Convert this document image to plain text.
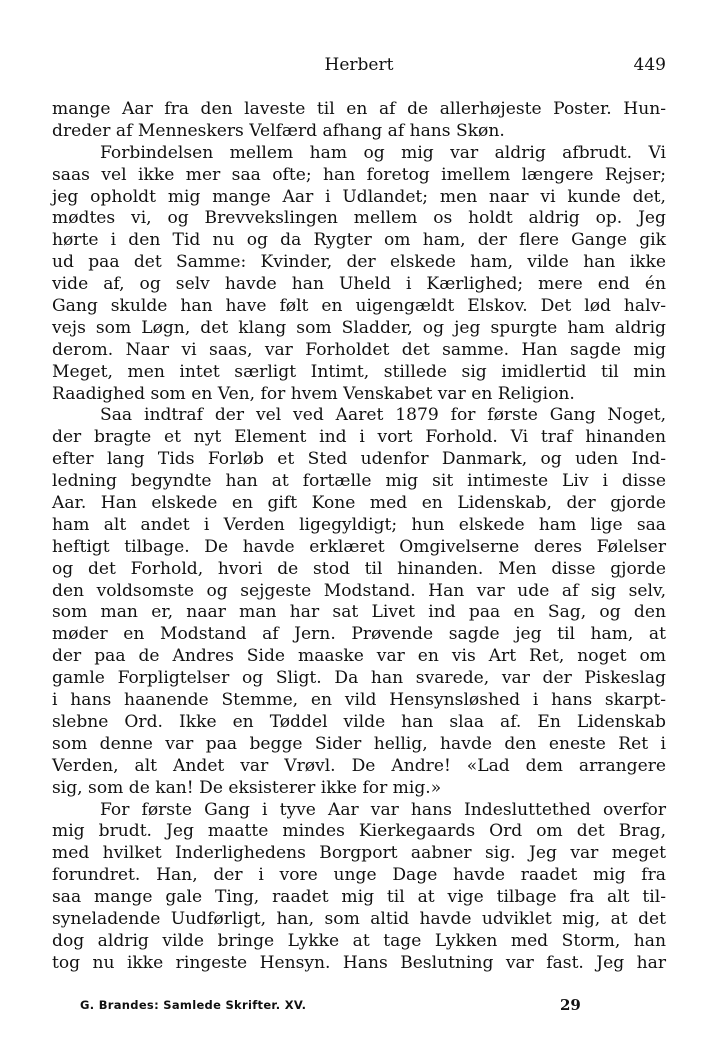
Herbert	449
mange Aar fra den laveste til en af de allerhøjeste Poster. Hun-
dreder af Menneskers Velfærd afhang af hans Skøn.
Forbindelsen mellem ham og mig var aldrig afbrudt. Vi
saas vel ikke mer saa ofte; han foretog imellem længere Rejser;
jeg opholdt mig mange Aar i Udlandet; men naar vi kunde det,
mødtes vi, og Brevvekslingen mellem os holdt aldrig op. Jeg
hørte i den Tid nu og da Rygter om ham, der flere Gange gik
ud paa det Samme: Kvinder, der elskede ham, vilde han ikke
vide af, og selv havde han Uheld i Kærlighed; mere end én
Gang skulde han have følt en uigengældt Elskov. Det lød halv-
vejs som Løgn, det klang som Sladder, og jeg spurgte ham aldrig
derom. Naar vi saas, var Forholdet det samme. Han sagde mig
Meget, men intet særligt Intimt, stillede sig imidlertid til min
Raadighed som en Ven, for hvem Venskabet var en Religion.
Saa indtraf der vel ved Aaret 1879 for første Gang Noget,
der bragte et nyt Element ind i vort Forhold. Vi traf hinanden
efter lang Tids Forløb et Sted udenfor Danmark, og uden Ind-
ledning begyndte han at fortælle mig sit intimeste Liv i disse
Aar. Han elskede en gift Kone med en Lidenskab, der gjorde
ham alt andet i Verden ligegyldigt; hun elskede ham lige saa
heftigt tilbage. De havde erklæret Omgivelserne deres Følelser
og det Forhold, hvori de stod til hinanden. Men disse gjorde
den voldsomste og sejgeste Modstand. Han var ude af sig selv,
som man er, naar man har sat Livet ind paa en Sag, og den
møder en Modstand af Jern. Prøvende sagde jeg til ham, at
der paa de Andres Side maaske var en vis Art Ret, noget om
gamle Forpligtelser og Sligt. Da han svarede, var der Piskeslag
i hans haanende Stemme, en vild Hensynsløshed i hans skarpt-
slebne Ord. Ikke en Tøddel vilde han slaa af. En Lidenskab
som denne var paa begge Sider hellig, havde den eneste Ret i
Verden, alt Andet var Vrøvl. De Andre! «Lad dem arrangere
sig, som de kan! De eksisterer ikke for mig.»
For første Gang i tyve Aar var hans Indesluttethed overfor
mig brudt. Jeg maatte mindes Kierkegaards Ord om det Brag,
med hvilket Inderlighedens Borgport aabner sig. Jeg var meget
forundret. Han, der i vore unge Dage havde raadet mig fra
saa mange gale Ting, raadet mig til at vige tilbage fra alt til-
syneladende Uudførligt, han, som altid havde udviklet mig, at det
dog aldrig vilde bringe Lykke at tage Lykken med Storm, han
tog nu ikke ringeste Hensyn. Hans Beslutning var fast. Jeg har
G. Brandes: Samlede Skrifter. XV.	29
